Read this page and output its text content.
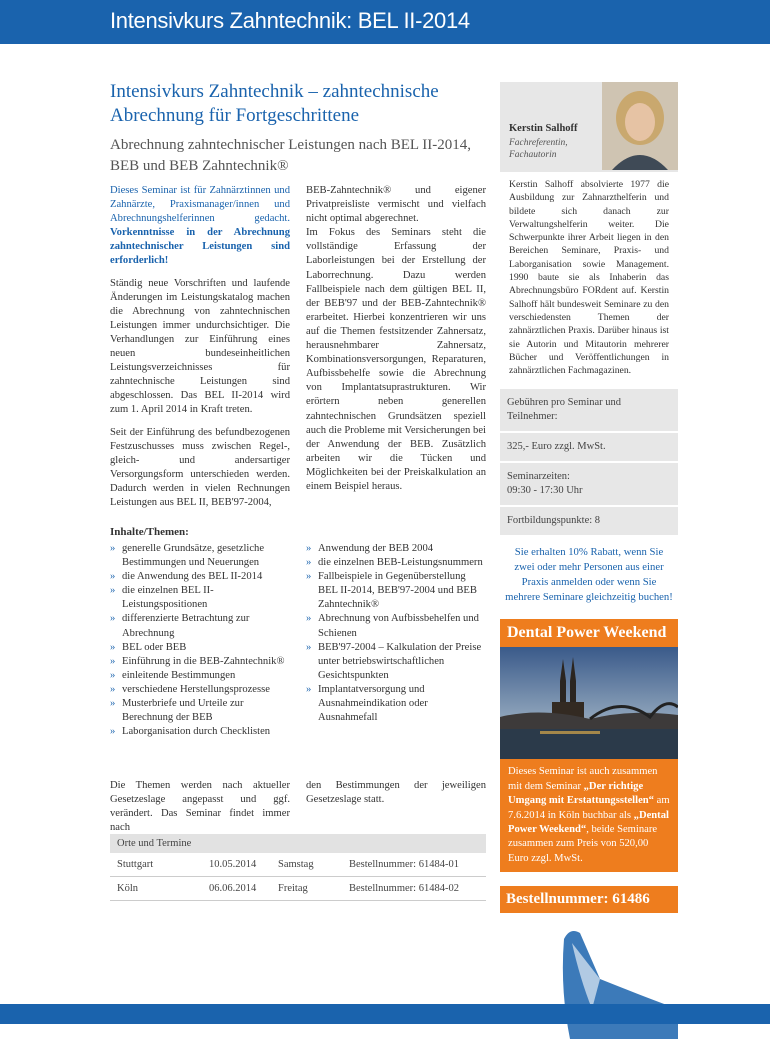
Intensivkurs Zahntechnik: BEL II-2014
Intensivkurs Zahntechnik – zahntechnische Abrechnung für Fortgeschrittene
Abrechnung zahntechnischer Leistungen nach BEL II-2014, BEB und BEB Zahntechnik®

Dieses Seminar ist für Zahnärztinnen und Zahnärzte, Praxismanager/innen und Abrechnungshelferinnen gedacht. Vorkenntnisse in der Abrechnung zahntechnischer Leistungen sind erforderlich!

Ständig neue Vorschriften und laufende Änderungen im Leistungskatalog machen die Abrechnung von zahntechnischen Leistungen immer undurchsichtiger. Die Verhandlungen zur Einführung eines neuen bundeseinheitlichen Leistungsverzeichnisses für zahntechnische Leistungen sind abgeschlossen. Das BEL II-2014 wird zum 1. April 2014 in Kraft treten.

Seit der Einführung des befundbezogenen Festzuschusses muss zwischen Regel-, gleich- und andersartiger Versorgungsform unterschieden werden. Dadurch werden in vielen Rechnungen Leistungen aus BEL II, BEB'97-2004,

BEB-Zahntechnik® und eigener Privatpreisliste vermischt und vielfach nicht optimal abgerechnet.

Im Fokus des Seminars steht die vollständige Erfassung der Laborleistungen bei der Erstellung der Laborrechnung. Dazu werden Fallbeispiele nach dem gültigen BEL II, der BEB'97 und der BEB-Zahntechnik® erarbeitet. Hierbei konzentrieren wir uns auf die Themen festsitzender Zahnersatz, herausnehmbarer Zahnersatz, Kombinationsversorgungen, Reparaturen, Aufbissbehelfe sowie die Abrechnung von Implantatsuprastrukturen. Wir erörtern neben generellen zahntechnischen Grundsätzen speziell auch die Probleme mit Versicherungen bei der Anwendung der BEB. Zusätzlich arbeiten wir die Tücken und Möglichkeiten bei der Preiskalkulation an einem Beispiel heraus.

Inhalte/Themen:
» generelle Grundsätze, gesetzliche Bestimmungen und Neuerungen
» die Anwendung des BEL II-2014
» die einzelnen BEL II-Leistungspositionen
» differenzierte Betrachtung zur Abrechnung
» BEL oder BEB
» Einführung in die BEB-Zahntechnik®
» einleitende Bestimmungen
» verschiedene Herstellungsprozesse
» Musterbriefe und Urteile zur Berechnung der BEB
» Laborganisation durch Checklisten
» Anwendung der BEB 2004
» die einzelnen BEB-Leistungsnummern
» Fallbeispiele in Gegenüberstellung BEL II-2014, BEB'97-2004 und BEB Zahntechnik®
» Abrechnung von Aufbissbehelfen und Schienen
» BEB'97-2004 – Kalkulation der Preise unter betriebswirtschaftlichen Gesichtspunkten
» Implantatversorgung und Ausnahmeindikation oder Ausnahmefall
Die Themen werden nach aktueller Gesetzeslage angepasst und ggf. verändert. Das Seminar findet immer nach
den Bestimmungen der jeweiligen Gesetzeslage statt.
Orte und Termine
Stuttgart	10.05.2014	Samstag	Bestellnummer: 61484-01
Köln	06.06.2014	Freitag	Bestellnummer: 61484-02
Kerstin Salhoff
Fachreferentin, Fachautorin
Kerstin Salhoff absolvierte 1977 die Ausbildung zur Zahnarzthelferin und bildete sich danach zur Verwaltungshelferin weiter. Die Schwerpunkte ihrer Arbeit liegen in den Bereichen Seminare, Praxis- und Laborganisation sowie Management. 1990 baute sie als Inhaberin das Abrechnungsbüro FORdent auf. Kerstin Salhoff hält bundesweit Seminare zu den verschiedensten Themen der zahnärztlichen Praxis. Darüber hinaus ist sie Autorin und Mitautorin mehrerer Bücher und Veröffentlichungen in zahnärztlichen Fachmagazinen.
Gebühren pro Seminar und Teilnehmer:
325,- Euro zzgl. MwSt.
Seminarzeiten:
09:30 - 17:30 Uhr
Fortbildungspunkte: 8
Sie erhalten 10% Rabatt, wenn Sie zwei oder mehr Personen aus einer Praxis anmelden oder wenn Sie mehrere Seminare gleichzeitig buchen!
Dental Power Weekend
Dieses Seminar ist auch zusammen mit dem Seminar „Der richtige Umgang mit Erstattungsstellen“ am 7.6.2014 in Köln buchbar als „Dental Power Weekend“, beide Seminare zusammen zum Preis von 520,00 Euro zzgl. MwSt.
Bestellnummer: 61486
